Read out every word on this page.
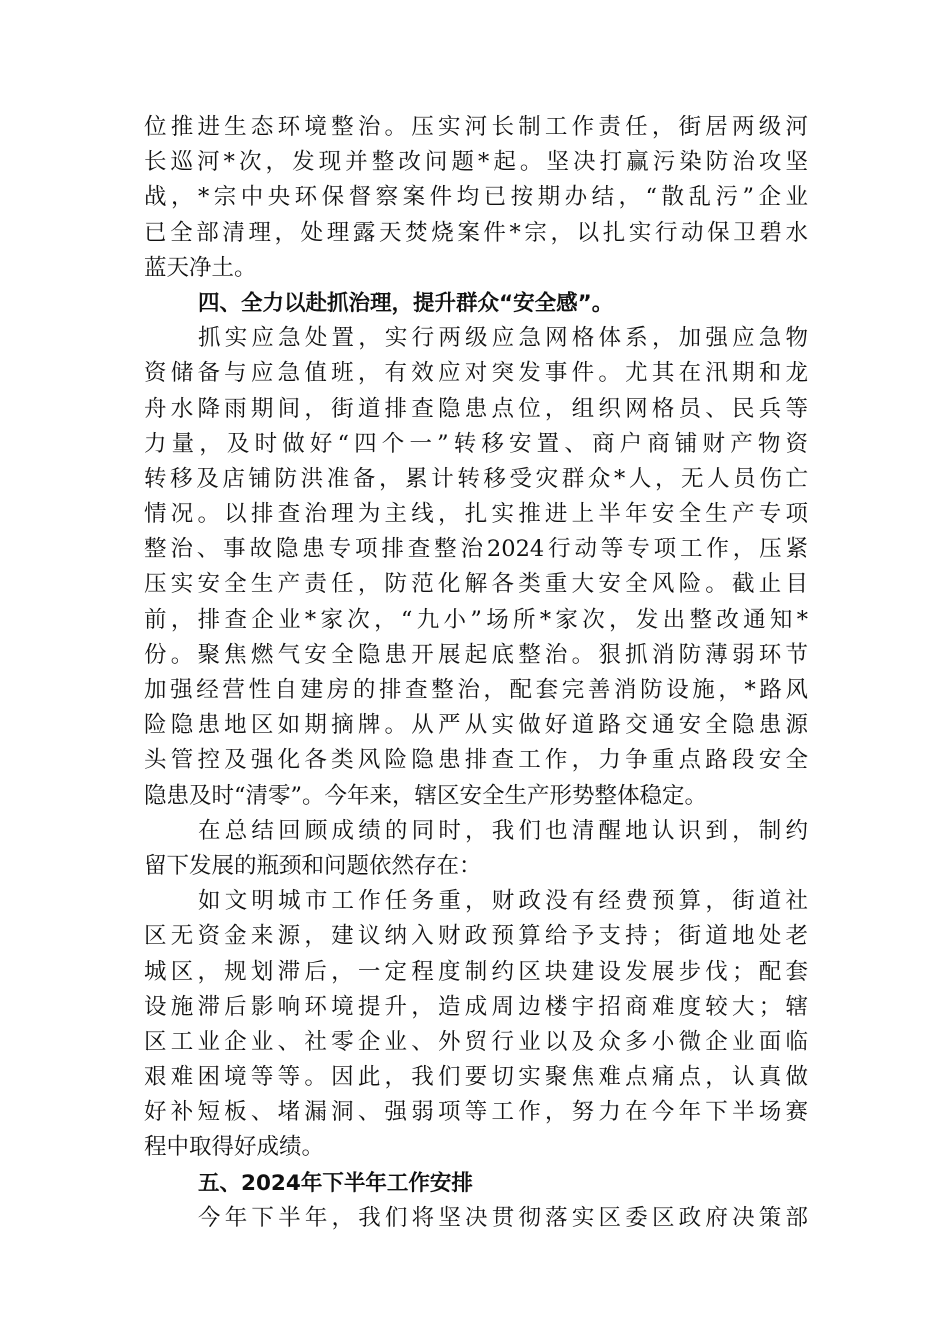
位推进生态环境整治。压实河长制工作责任，街居两级河
长巡河*次，发现并整改问题*起。坚决打赢污染防治攻坚
战，*宗中央环保督察案件均已按期办结，“散乱污”企业
已全部清理，处理露天焚烧案件*宗，以扎实行动保卫碧水
蓝天净土。
四、全力以赴抓治理，提升群众“安全感”。
抓实应急处置，实行两级应急网格体系，加强应急物
资储备与应急值班，有效应对突发事件。尤其在汛期和龙
舟水降雨期间，街道排查隐患点位，组织网格员、民兵等
力量，及时做好“四个一”转移安置、商户商铺财产物资
转移及店铺防洪准备，累计转移受灾群众*人，无人员伤亡
情况。以排查治理为主线，扎实推进上半年安全生产专项
整治、事故隐患专项排查整治2024行动等专项工作，压紧
压实安全生产责任，防范化解各类重大安全风险。截止目
前，排查企业*家次，“九小”场所*家次，发出整改通知*
份。聚焦燃气安全隐患开展起底整治。狠抓消防薄弱环节
加强经营性自建房的排查整治，配套完善消防设施，*路风
险隐患地区如期摘牌。从严从实做好道路交通安全隐患源
头管控及强化各类风险隐患排查工作，力争重点路段安全
隐患及时“清零”。今年来，辖区安全生产形势整体稳定。
在总结回顾成绩的同时，我们也清醒地认识到，制约
留下发展的瓶颈和问题依然存在：
如文明城市工作任务重，财政没有经费预算，街道社
区无资金来源，建议纳入财政预算给予支持；街道地处老
城区，规划滞后，一定程度制约区块建设发展步伐；配套
设施滞后影响环境提升，造成周边楼宇招商难度较大；辖
区工业企业、社零企业、外贸行业以及众多小微企业面临
艰难困境等等。因此，我们要切实聚焦难点痛点，认真做
好补短板、堵漏洞、强弱项等工作，努力在今年下半场赛
程中取得好成绩。
五、2024年下半年工作安排
今年下半年，我们将坚决贯彻落实区委区政府决策部
